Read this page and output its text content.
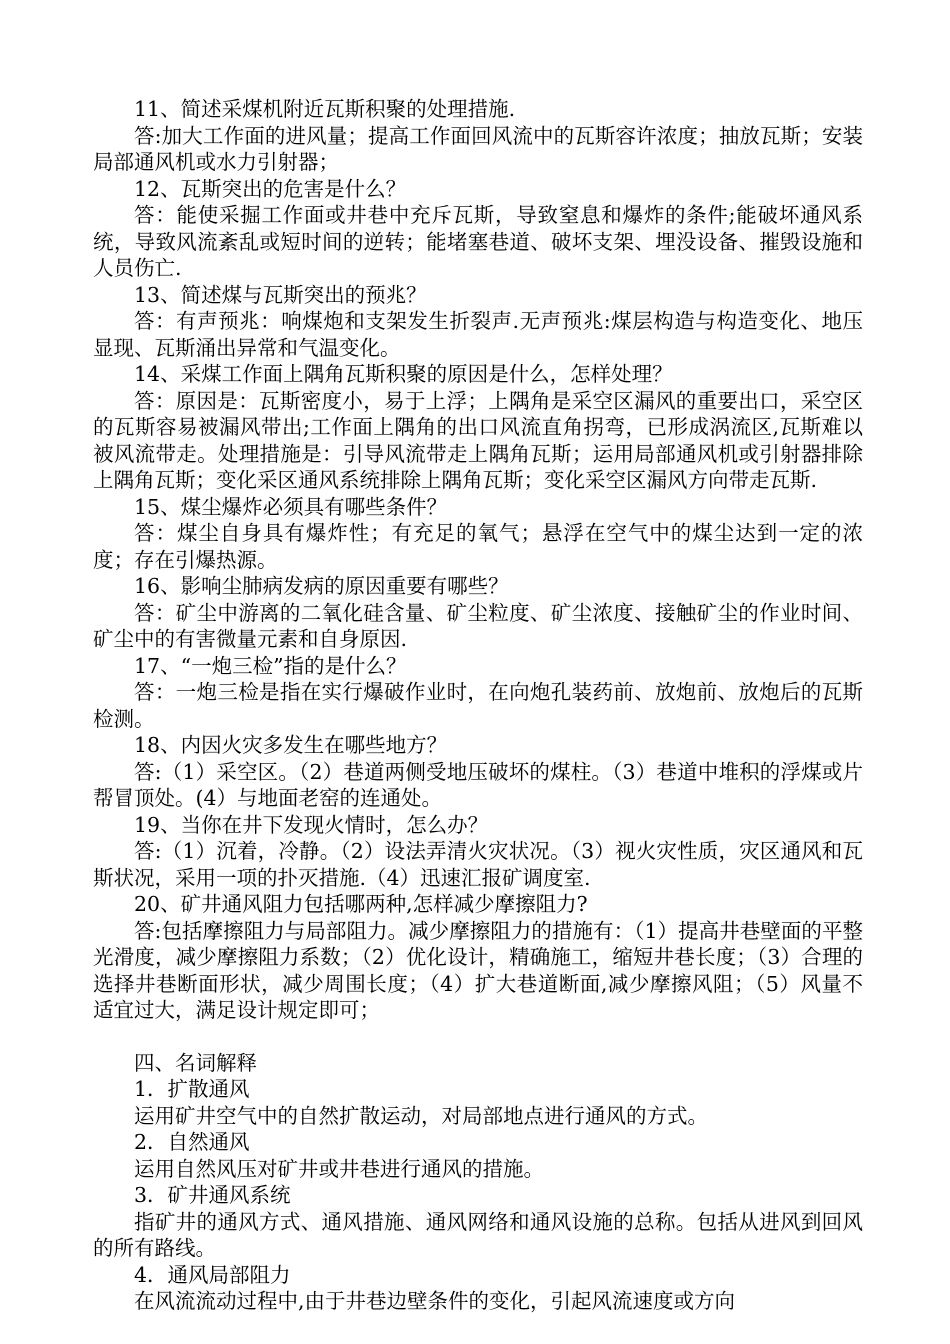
11、简述采煤机附近瓦斯积聚的处理措施.

答:加大工作面的进风量；提高工作面回风流中的瓦斯容许浓度；抽放瓦斯；安装局部通风机或水力引射器；

12、瓦斯突出的危害是什么？

答：能使采掘工作面或井巷中充斥瓦斯，导致窒息和爆炸的条件;能破坏通风系统，导致风流紊乱或短时间的逆转；能堵塞巷道、破坏支架、埋没设备、摧毁设施和人员伤亡.

13、简述煤与瓦斯突出的预兆？

答：有声预兆：响煤炮和支架发生折裂声.无声预兆:煤层构造与构造变化、地压显现、瓦斯涌出异常和气温变化。

14、采煤工作面上隅角瓦斯积聚的原因是什么，怎样处理？

答：原因是：瓦斯密度小，易于上浮；上隅角是采空区漏风的重要出口，采空区的瓦斯容易被漏风带出;工作面上隅角的出口风流直角拐弯，已形成涡流区,瓦斯难以被风流带走。处理措施是：引导风流带走上隅角瓦斯；运用局部通风机或引射器排除上隅角瓦斯；变化采区通风系统排除上隅角瓦斯；变化采空区漏风方向带走瓦斯.

15、煤尘爆炸必须具有哪些条件？

答：煤尘自身具有爆炸性；有充足的氧气；悬浮在空气中的煤尘达到一定的浓度；存在引爆热源。

16、影响尘肺病发病的原因重要有哪些？

答：矿尘中游离的二氧化硅含量、矿尘粒度、矿尘浓度、接触矿尘的作业时间、矿尘中的有害微量元素和自身原因.

17、“一炮三检”指的是什么？

答：一炮三检是指在实行爆破作业时，在向炮孔装药前、放炮前、放炮后的瓦斯检测。

18、内因火灾多发生在哪些地方？

答:（1）采空区。（2）巷道两侧受地压破坏的煤柱。（3）巷道中堆积的浮煤或片帮冒顶处。(4）与地面老窑的连通处。

19、当你在井下发现火情时，怎么办？

答:（1）沉着，冷静。（2）设法弄清火灾状况。（3）视火灾性质，灾区通风和瓦斯状况，采用一项的扑灭措施.（4）迅速汇报矿调度室.

20、矿井通风阻力包括哪两种,怎样减少摩擦阻力?

答:包括摩擦阻力与局部阻力。减少摩擦阻力的措施有：（1）提高井巷壁面的平整光滑度，减少摩擦阻力系数；（2）优化设计，精确施工，缩短井巷长度；（3）合理的选择井巷断面形状，减少周围长度；（4）扩大巷道断面,减少摩擦风阻；（5）风量不适宜过大，满足设计规定即可；

四、名词解释

1．扩散通风

运用矿井空气中的自然扩散运动，对局部地点进行通风的方式。

2．自然通风

运用自然风压对矿井或井巷进行通风的措施。

3．矿井通风系统

指矿井的通风方式、通风措施、通风网络和通风设施的总称。包括从进风到回风的所有路线。

4．通风局部阻力

在风流流动过程中,由于井巷边壁条件的变化，引起风流速度或方向
